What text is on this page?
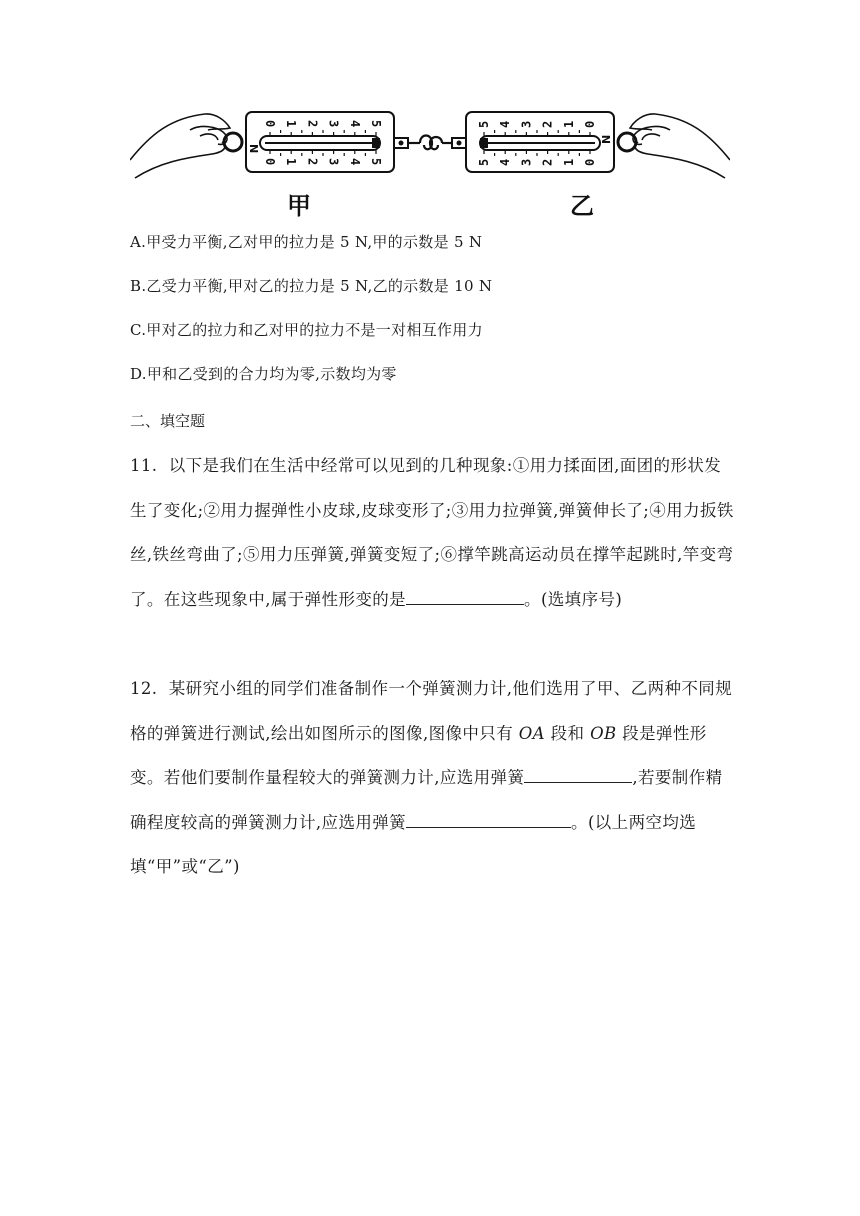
0
0
1
1
2
2
3
3
4
4
5
5
N
5
5
4
4
3
3
2
2
1
1
0
0
N
甲	乙
A.甲受力平衡,乙对甲的拉力是 5 N,甲的示数是 5 N
B.乙受力平衡,甲对乙的拉力是 5 N,乙的示数是 10 N
C.甲对乙的拉力和乙对甲的拉力不是一对相互作用力
D.甲和乙受到的合力均为零,示数均为零
二、填空题
11. 以下是我们在生活中经常可以见到的几种现象:①用力揉面团,面团的形状发生了变化;②用力握弹性小皮球,皮球变形了;③用力拉弹簧,弹簧伸长了;④用力扳铁丝,铁丝弯曲了;⑤用力压弹簧,弹簧变短了;⑥撑竿跳高运动员在撑竿起跳时,竿变弯了。在这些现象中,属于弹性形变的是	。(选填序号)
12. 某研究小组的同学们准备制作一个弹簧测力计,他们选用了甲、乙两种不同规格的弹簧进行测试,绘出如图所示的图像,图像中只有 OA 段和 OB 段是弹性形变。若他们要制作量程较大的弹簧测力计,应选用弹簧	,若要制作精确程度较高的弹簧测力计,应选用弹簧	。(以上两空均选填“甲”或“乙”)
